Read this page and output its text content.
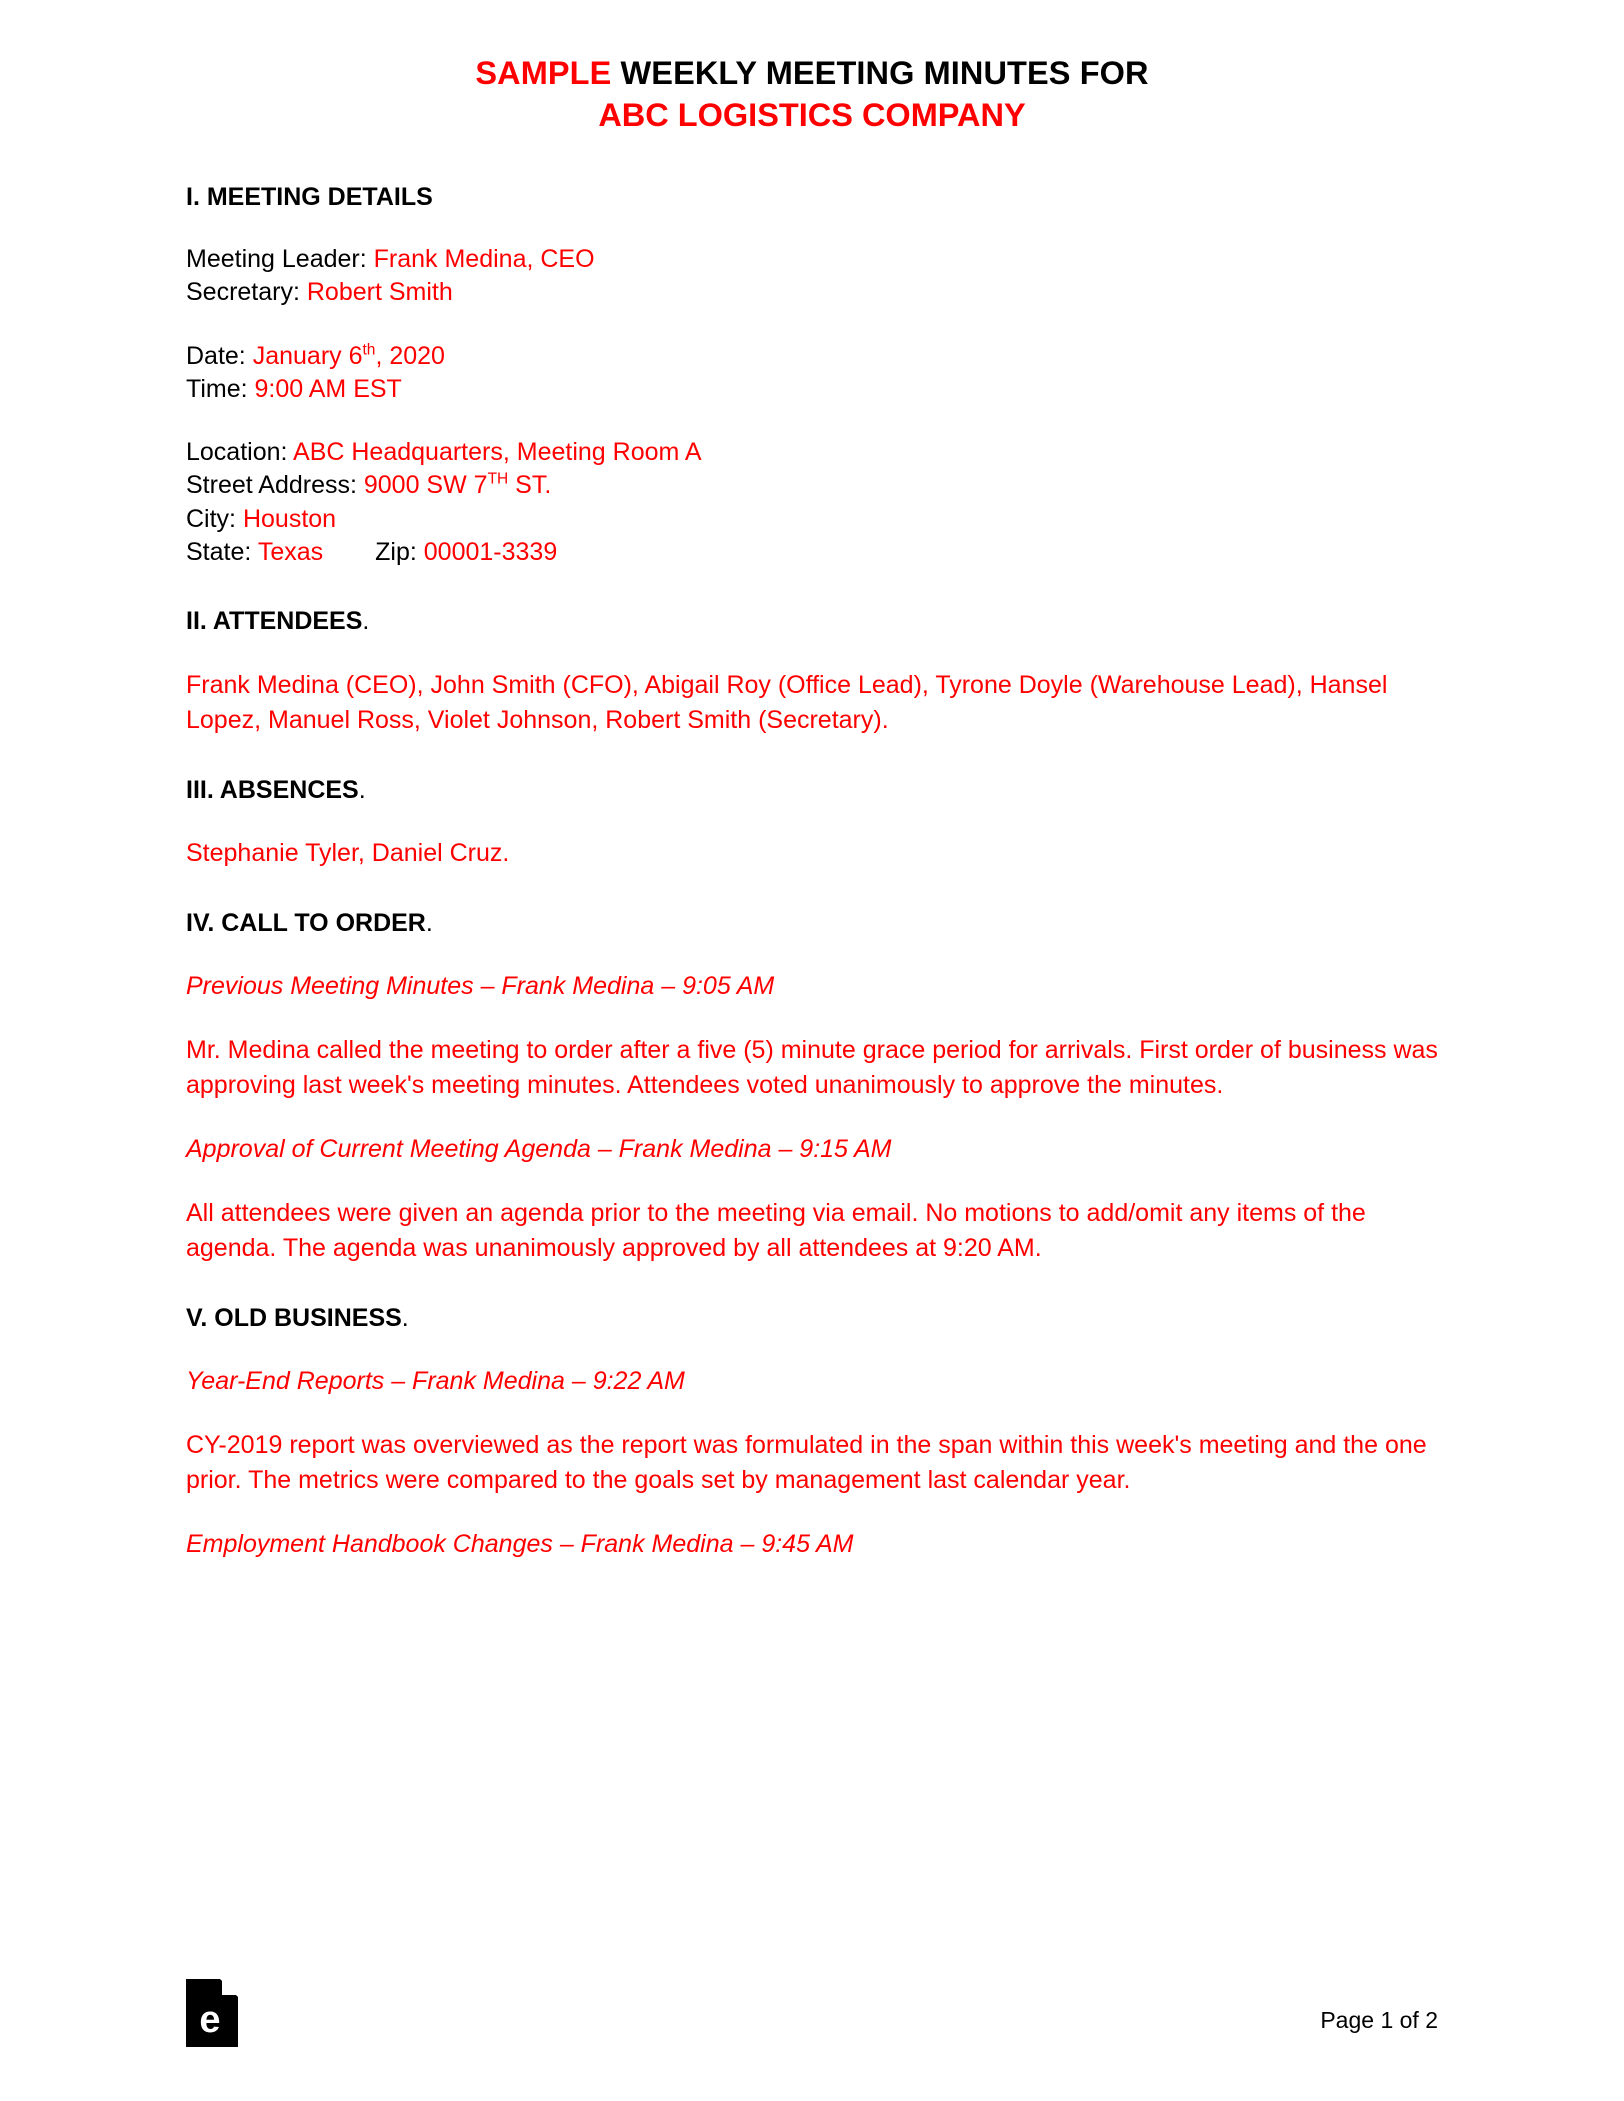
SAMPLE WEEKLY MEETING MINUTES FOR
ABC LOGISTICS COMPANY
I. MEETING DETAILS
Meeting Leader: Frank Medina, CEO
Secretary: Robert Smith
Date: January 6th, 2020
Time: 9:00 AM EST
Location: ABC Headquarters, Meeting Room A
Street Address: 9000 SW 7TH ST.
City: Houston
State: Texas Zip: 00001-3339
II. ATTENDEES.

Frank Medina (CEO), John Smith (CFO), Abigail Roy (Office Lead), Tyrone Doyle (Warehouse Lead), Hansel Lopez, Manuel Ross, Violet Johnson, Robert Smith (Secretary).

III. ABSENCES.

Stephanie Tyler, Daniel Cruz.

IV. CALL TO ORDER.
Previous Meeting Minutes – Frank Medina – 9:05 AM

Mr. Medina called the meeting to order after a five (5) minute grace period for arrivals. First order of business was approving last week's meeting minutes. Attendees voted unanimously to approve the minutes.

Approval of Current Meeting Agenda – Frank Medina – 9:15 AM

All attendees were given an agenda prior to the meeting via email. No motions to add/omit any items of the agenda. The agenda was unanimously approved by all attendees at 9:20 AM.

V. OLD BUSINESS.
Year-End Reports – Frank Medina – 9:22 AM

CY-2019 report was overviewed as the report was formulated in the span within this week's meeting and the one prior. The metrics were compared to the goals set by management last calendar year.

Employment Handbook Changes – Frank Medina – 9:45 AM
e	Page 1 of 2
